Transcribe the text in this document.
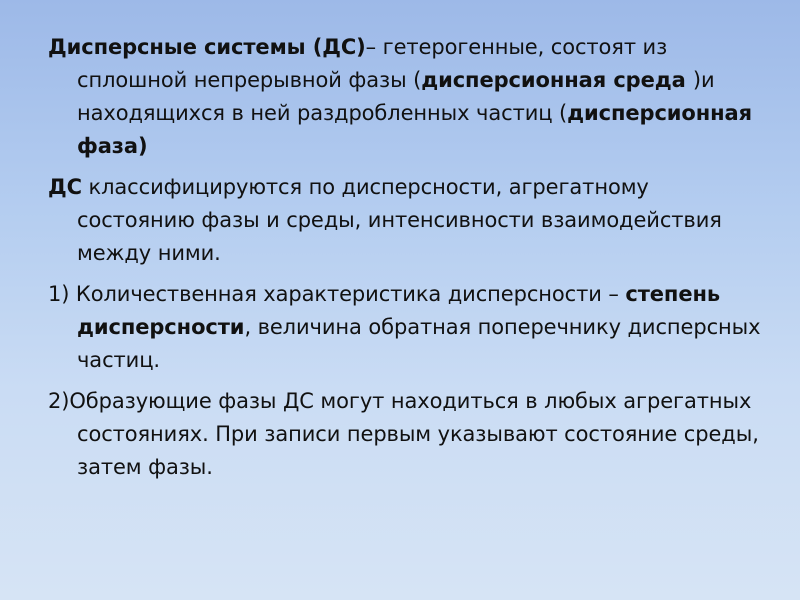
Дисперсные системы (ДС)– гетерогенные, состоят из сплошной непрерывной фазы (дисперсионная среда )и находящихся в ней раздробленных частиц (дисперсионная фаза)

ДС классифицируются по дисперсности, агрегатному состоянию фазы и среды, интенсивности взаимодействия между ними.

1) Количественная характеристика дисперсности – степень дисперсности, величина обратная поперечнику дисперсных частиц.

2)Образующие фазы ДС могут находиться в любых агрегатных состояниях. При записи первым указывают состояние среды, затем фазы.
